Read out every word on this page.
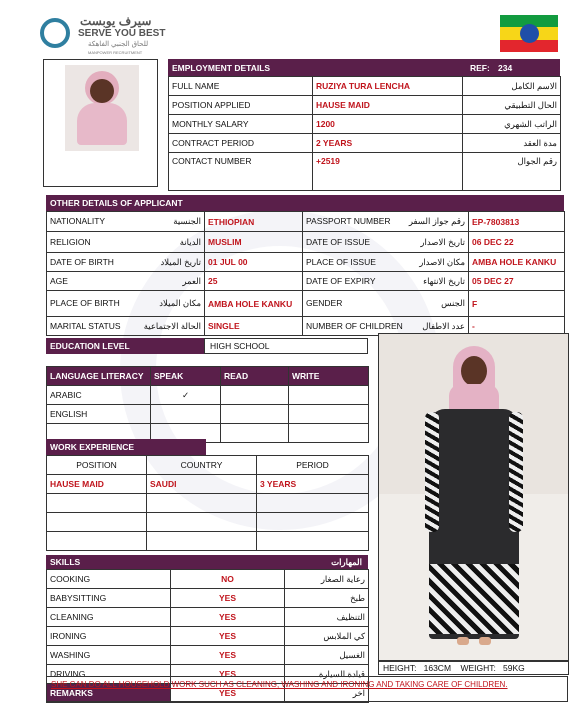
سيرف يوبست
SERVE YOU BEST
للحاق الجنبي الفاهكة
MANPOWER RECRUITMENT
EMPLOYMENT DETAILS	REF: 234
FULL NAME	RUZIYA TURA LENCHA	الاسم الكامل
POSITION APPLIED	HAUSE MAID	الحال التطبيقي
MONTHLY SALARY	1200	الراتب الشهري
CONTRACT PERIOD	2 YEARS	مدة العقد
CONTACT NUMBER	+2519	رقم الجوال
OTHER DETAILS OF APPLICANT
NATIONALITY الجنسية	ETHIOPIAN	PASSPORT NUMBER رقم جواز السفر	EP-7803813

RELIGION الديانة	MUSLIM	DATE OF ISSUE تاريخ الاصدار	06 DEC 22

DATE OF BIRTH تاريخ الميلاد	01 JUL 00	PLACE OF ISSUE مكان الاصدار	AMBA HOLE KANKU

AGE العمر	25	DATE OF EXPIRY تاريخ الانتهاء	05 DEC 27

PLACE OF BIRTH مكان الميلاد	AMBA HOLE KANKU	GENDER الجنس	F

MARITAL STATUS الحالة الاجتماعية	SINGLE	NUMBER OF CHILDREN عدد الاطفال	-
EDUCATION LEVEL	HIGH SCHOOL
LANGUAGE LITERACY	SPEAK	READ	WRITE
ARABIC	✓		
ENGLISH			

WORK EXPERIENCE
POSITION	COUNTRY	PERIOD
HAUSE MAID	SAUDI	3 YEARS

SKILLS	المهارات
COOKING	NO	رعاية الصغار
BABYSITTING	YES	طبخ
CLEANING	YES	التنظيف
IRONING	YES	كي الملابس
WASHING	YES	الغسيل
DRIVING	YES	قيادة السيارة
REMARKS	YES	اخر
HEIGHT: 163CM WEIGHT: 59KG
SHE CAN DO ALL HOUSEHOLD WORK SUCH AS CLEANING, WASHING AND IRONING AND TAKING CARE OF CHILDREN.
